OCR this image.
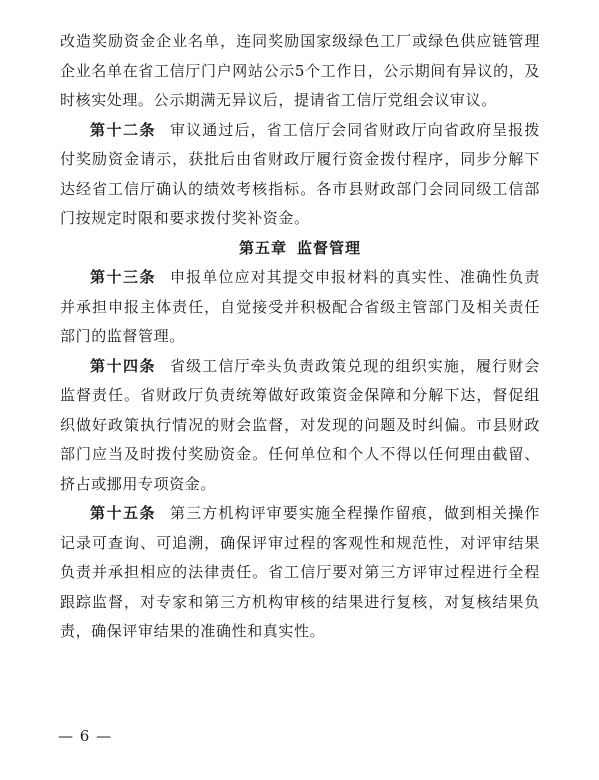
改造奖励资金企业名单，连同奖励国家级绿色工厂或绿色供应链管理企业名单在省工信厅门户网站公示5个工作日，公示期间有异议的，及时核实处理。公示期满无异议后，提请省工信厅党组会议审议。

第十二条 审议通过后，省工信厅会同省财政厅向省政府呈报拨付奖励资金请示，获批后由省财政厅履行资金拨付程序，同步分解下达经省工信厅确认的绩效考核指标。各市县财政部门会同同级工信部门按规定时限和要求拨付奖补资金。

第五章 监督管理

第十三条 申报单位应对其提交申报材料的真实性、准确性负责并承担申报主体责任，自觉接受并积极配合省级主管部门及相关责任部门的监督管理。

第十四条 省级工信厅牵头负责政策兑现的组织实施，履行财会监督责任。省财政厅负责统筹做好政策资金保障和分解下达，督促组织做好政策执行情况的财会监督，对发现的问题及时纠偏。市县财政部门应当及时拨付奖励资金。任何单位和个人不得以任何理由截留、挤占或挪用专项资金。

第十五条 第三方机构评审要实施全程操作留痕，做到相关操作记录可查询、可追溯，确保评审过程的客观性和规范性，对评审结果负责并承担相应的法律责任。省工信厅要对第三方评审过程进行全程跟踪监督，对专家和第三方机构审核的结果进行复核，对复核结果负责，确保评审结果的准确性和真实性。

— 6 —
